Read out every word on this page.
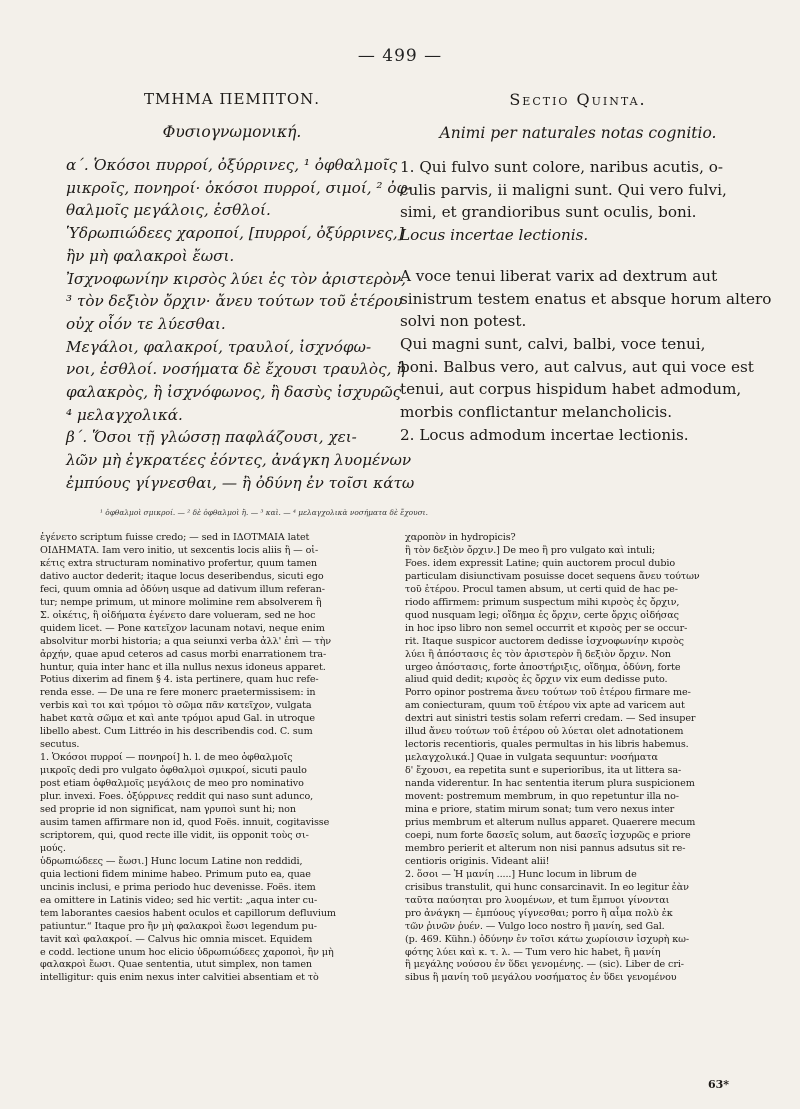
— 499 —

ΤΜΗΜΑ ΠΕΜΠΤΟΝ.

Φυσιογνωμονική.

α΄. Ὁκόσοι πυρροί, ὀξύρρινες, ¹ ὀφθαλμοῖς

μικροῖς, πονηροί· ὁκόσοι πυρροί, σιμοί, ² ὀφ-

θαλμοῖς μεγάλοις, ἐσθλοί.

Ὑδρωπιώδεες χαροποί, [πυρροί, ὀξύρρινες,]

ἢν μὴ φαλακροὶ ἔωσι.

Ἰσχνοφωνίην κιρσὸς λύει ἐς τὸν ἀριστερὸν,

³ τὸν δεξιὸν ὄρχιν· ἄνευ τούτων τοῦ ἑτέρου

οὐχ οἷόν τε λύεσθαι.

Μεγάλοι, φαλακροί, τραυλοί, ἰσχνόφω-

νοι, ἐσθλοί. νοσήματα δὲ ἔχουσι τραυλὸς, ἢ

φαλακρὸς, ἢ ἰσχνόφωνος, ἢ δασὺς ἰσχυρῶς

⁴ μελαγχολικά.

β΄. Ὅσοι τῇ γλώσσῃ παφλάζουσι, χει-

λῶν μὴ ἐγκρατέες ἐόντες, ἀνάγκη λυομένων

ἐμπύους γίγνεσθαι, — ἢ ὀδύνη ἐν τοῖσι κάτω

Sectio Quinta.

Animi per naturales notas cognitio.

1. Qui fulvo sunt colore, naribus acutis, o-

culis parvis, ii maligni sunt. Qui vero fulvi,

simi, et grandioribus sunt oculis, boni.

Locus incertae lectionis.

A voce tenui liberat varix ad dextrum aut

sinistrum testem enatus et absque horum altero

solvi non potest.

Qui magni sunt, calvi, balbi, voce tenui,

boni. Balbus vero, aut calvus, aut qui voce est

tenui, aut corpus hispidum habet admodum,

morbis conflictantur melancholicis.

2. Locus admodum incertae lectionis.

¹ ὀφθαλμοὶ σμικροί. — ² δὲ ὀφθαλμοὶ ἢ. — ³ καὶ. — ⁴ μελαγχολικὰ νοσήματα δὲ ἔχουσι.

ἐγένετο scriptum fuisse credo; — sed in ΙΔΟΤΜΑΙΑ latet

ΟΙΔΗΜΑΤΑ. Iam vero initio, ut sexcentis locis aliis ἢ — οἰ-

κέτις extra structuram nominativo profertur, quum tamen

dativo auctor dederit; itaque locus deseribendus, sicuti ego

feci, quum omnia ad ὀδύνη usque ad dativum illum referan-

tur; nempe primum, ut minore molimine rem absolverem ἢ

Σ. οἰκέτις, ἢ οἰδήματα ἐγένετο dare volueram, sed ne hoc

quidem licet. — Pone κατεῖχον lacunam notavi, neque enim

absolvitur morbi historia; a qua seiunxi verba ἀλλ' ἐπὶ — τὴν

ἀρχήν, quae apud ceteros ad casus morbi enarrationem tra-

huntur, quia inter hanc et illa nullus nexus idoneus apparet.

Potius dixerim ad finem § 4. ista pertinere, quam huc refe-

renda esse. — De una re fere monerc praetermissisem: in

verbis καὶ τοι καὶ τρόμοι τὸ σῶμα πᾶν κατεῖχον, vulgata

habet κατὰ σῶμα et καὶ ante τρόμοι apud Gal. in utroque

libello abest. Cum Littréo in his describendis cod. C. sum

secutus.

1. Ὁκόσοι πυρροί — πονηροί] h. l. de meo ὀφθαλμοῖς

μικροῖς dedi pro vulgato ὀφθαλμοὶ σμικροί, sicuti paulo

post etiam ὀφθαλμοῖς μεγάλοις de meo pro nominativo

plur. invexi. Foes. ὀξύρρινες reddit qui naso sunt adunco,

sed proprie id non significat, nam γρυποὶ sunt hi; non

ausim tamen affirmare non id, quod Foës. innuit, cogitavisse

scriptorem, qui, quod recte ille vidit, iis opponit τοὺς σι-

μούς.

ὑδρωπιώδεες — ἔωσι.] Hunc locum Latine non reddidi,

quia lectioni fidem minime habeo. Primum puto ea, quae

uncinis inclusi, e prima periodo huc devenisse. Foës. item

ea omittere in Latinis video; sed hic vertit: „aqua inter cu-

tem laborantes caesios habent oculos et capillorum defluvium

patiuntur.“ Itaque pro ἢν μὴ φαλακροὶ ἔωσι legendum pu-

tavit καὶ φαλακροί. — Calvus hic omnia miscet. Equidem

e codd. lectione unum hoc elicio ὑδρωπιώδεες χαροποὶ, ἢν μὴ

φαλακροὶ ἔωσι. Quae sententia, utut simplex, non tamen

intelligitur: quis enim nexus inter calvitiei absentiam et τὸ

χαροπὸν in hydropicis?

ἢ τὸν δεξιὸν ὄρχιν.] De meo ἢ pro vulgato καὶ intuli;

Foes. idem expressit Latine; quin auctorem procul dubio

particulam disiunctivam posuisse docet sequens ἄνευ τούτων

τοῦ ἑτέρου. Procul tamen absum, ut certi quid de hac pe-

riodo affirmem: primum suspectum mihi κιρσὸς ἐς ὄρχιν,

quod nusquam legi; οἴδημα ἐς ὄρχιν, certe ὄρχις οἰδήσας

in hoc ipso libro non semel occurrit et κιρσὸς per se occur-

rit. Itaque suspicor auctorem dedisse ἰσχνοφωνίην κιρσὸς

λύει ἢ ἀπόστασις ἐς τὸν ἀριστερὸν ἢ δεξιὸν ὄρχιν. Non

urgeo ἀπόστασις, forte ἀποστήριξις, οἴδημα, ὀδύνη, forte

aliud quid dedit; κιρσὸς ἐς ὄρχιν vix eum dedisse puto.

Porro opinor postrema ἄνευ τούτων τοῦ ἑτέρου firmare me-

am coniecturam, quum τοῦ ἑτέρου vix apte ad varicem aut

dextri aut sinistri testis solam referri credam. — Sed insuper

illud ἄνευ τούτων τοῦ ἑτέρου οὐ λύεται olet adnotationem

lectoris recentioris, quales permultas in his libris habemus.

μελαγχολικά.] Quae in vulgata sequuntur: νοσήματα

δ' ἔχουσι, ea repetita sunt e superioribus, ita ut littera sa-

nanda viderentur. In hac sententia iterum plura suspicionem

movent: postremum membrum, in quo repetuntur illa no-

mina e priore, statim mirum sonat; tum vero nexus inter

prius membrum et alterum nullus apparet. Quaerere mecum

coepi, num forte δασεῖς solum, aut δασεῖς ἰσχυρῶς e priore

membro perierit et alterum non nisi pannus adsutus sit re-

centioris originis. Videant alii!

2. ὅσοι — Ἡ μανίη .....] Hunc locum in librum de

crisibus transtulit, qui hunc consarcinavit. In eo legitur ἐὰν

ταῦτα παύσηται pro λυομένων, et tum ἔμπυοι γίνονται

pro ἀνάγκη — ἐμπύους γίγνεσθαι; porro ἢ αἷμα πολὺ ἐκ

τῶν ῥινῶν ῥυέν. — Vulgo loco nostro ἢ μανίη, sed Gal.

(p. 469. Kühn.) ὀδύνην ἐν τοῖσι κάτω χωρίοισιν ἰσχυρὴ κω-

φότης λύει καὶ κ. τ. λ. — Tum vero hic habet, ἢ μανίη

ἢ μεγάλης νούσου ἐν ὕδει γενομένης. — (sic). Liber de cri-

sibus ἢ μανίη τοῦ μεγάλου νοσήματος ἐν ὕδει γενομένου

63*
